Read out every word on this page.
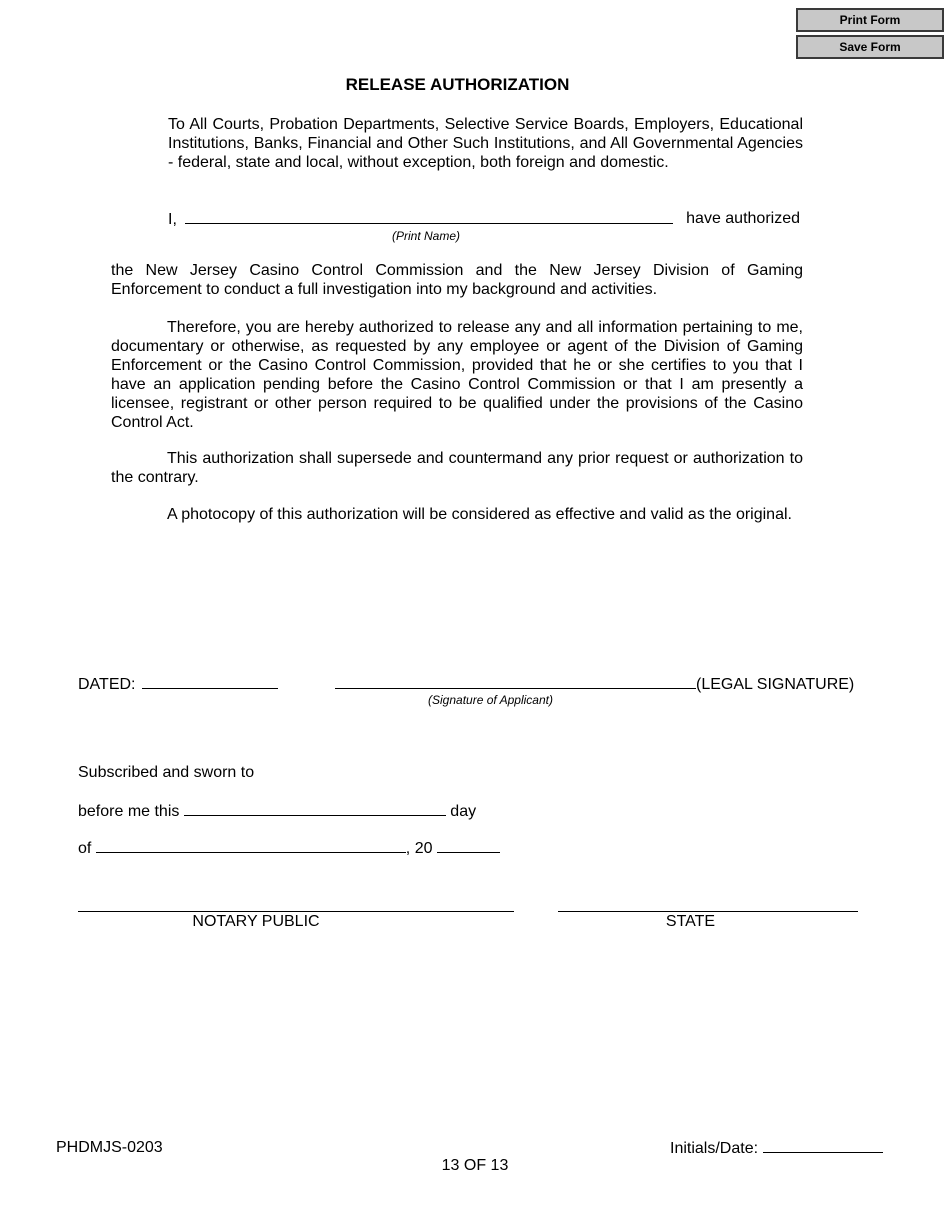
Print Form
Save Form
RELEASE AUTHORIZATION
To All Courts, Probation Departments, Selective Service Boards, Employers, Educational Institutions, Banks, Financial and Other Such Institutions, and All Governmental Agencies - federal, state and local, without exception, both foreign and domestic.
I,	have authorized
(Print Name)
the New Jersey Casino Control Commission and the New Jersey Division of Gaming Enforcement to conduct a full investigation into my background and activities.
Therefore, you are hereby authorized to release any and all information pertaining to me, documentary or otherwise, as requested by any employee or agent of the Division of Gaming Enforcement or the Casino Control Commission, provided that he or she certifies to you that I have an application pending before the Casino Control Commission or that I am presently a licensee, registrant or other person required to be qualified under the provisions of the Casino Control Act.
This authorization shall supersede and countermand any prior request or authorization to the contrary.
A photocopy of this authorization will be considered as effective and valid as the original.
DATED:	(LEGAL SIGNATURE)
(Signature of Applicant)
Subscribed and sworn to
before me this	day
of	, 20
NOTARY PUBLIC	STATE
PHDMJS-0203	Initials/Date:
13 OF 13
